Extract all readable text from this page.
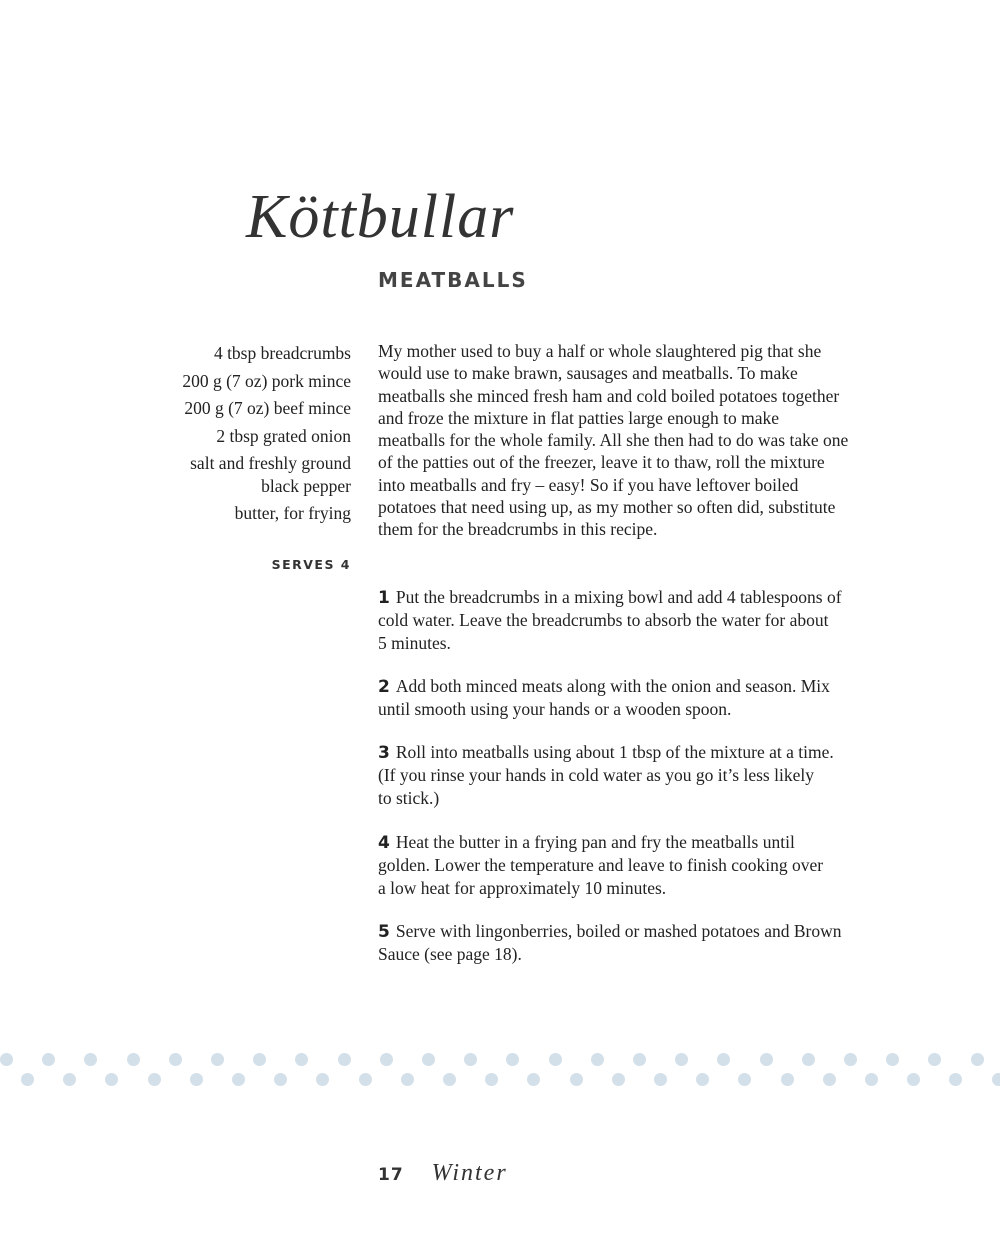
Köttbullar
MEATBALLS
4 tbsp breadcrumbs
200 g (7 oz) pork mince
200 g (7 oz) beef mince
2 tbsp grated onion
salt and freshly ground
black pepper
butter, for frying
SERVES 4
My mother used to buy a half or whole slaughtered pig that she
would use to make brawn, sausages and meatballs. To make
meatballs she minced fresh ham and cold boiled potatoes together
and froze the mixture in flat patties large enough to make
meatballs for the whole family. All she then had to do was take one
of the patties out of the freezer, leave it to thaw, roll the mixture
into meatballs and fry – easy! So if you have leftover boiled
potatoes that need using up, as my mother so often did, substitute
them for the breadcrumbs in this recipe.
1 Put the breadcrumbs in a mixing bowl and add 4 tablespoons of
cold water. Leave the breadcrumbs to absorb the water for about
5 minutes.
2 Add both minced meats along with the onion and season. Mix
until smooth using your hands or a wooden spoon.
3 Roll into meatballs using about 1 tbsp of the mixture at a time.
(If you rinse your hands in cold water as you go it’s less likely
to stick.)
4 Heat the butter in a frying pan and fry the meatballs until
golden. Lower the temperature and leave to finish cooking over
a low heat for approximately 10 minutes.
5 Serve with lingonberries, boiled or mashed potatoes and Brown
Sauce (see page 18).
17 Winter
